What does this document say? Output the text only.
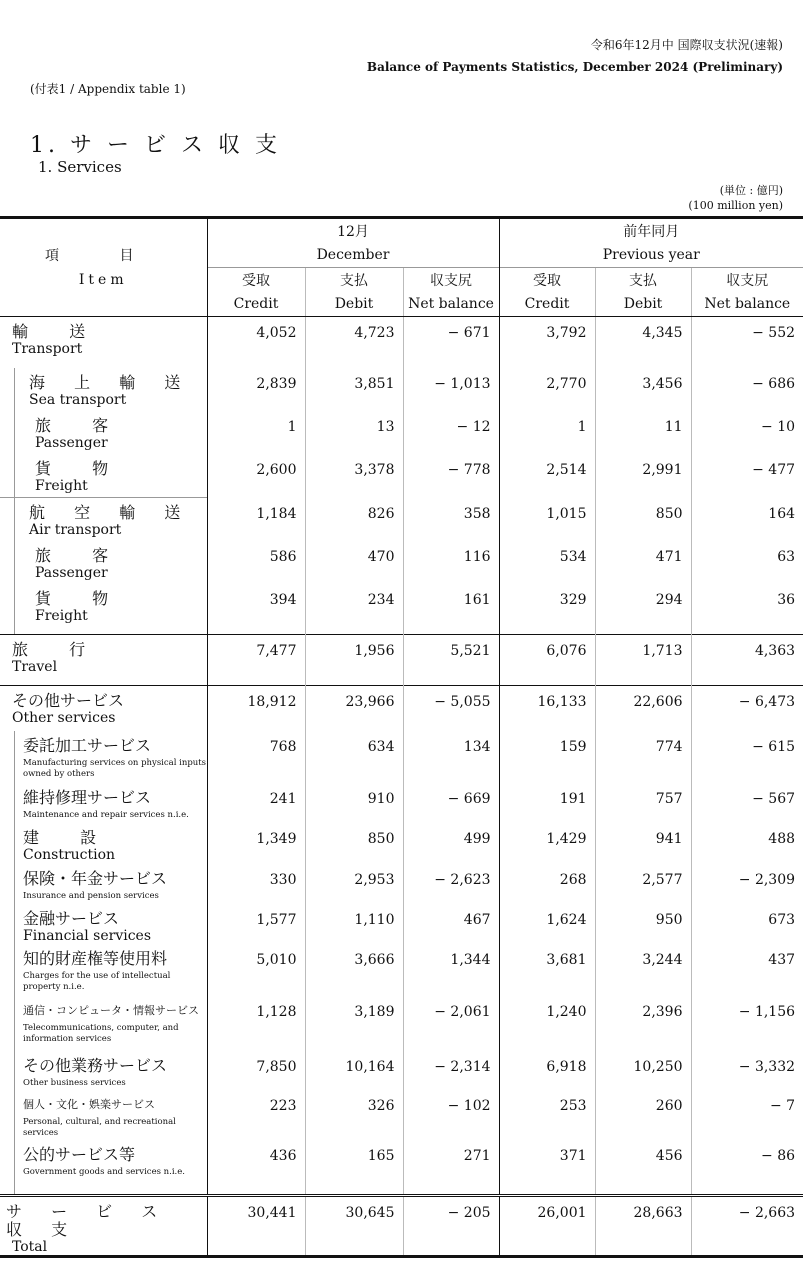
令和6年12月中 国際収支状況(速報)
Balance of Payments Statistics, December 2024 (Preliminary)
(付表1 / Appendix table 1)
1. サ ー ビ ス 収 支
1. Services
(単位 : 億円)
(100 million yen)
項 目
Item	12月			前年同月		
	December			Previous year		
	受取	支払	収支尻	受取	支払	収支尻
	Credit	Debit	Net balance	Credit	Debit	Net balance

輸 送
Transport	4,052	4,723	− 671	3,792	4,345	− 552

海 上 輸 送
Sea transport	2,839	3,851	− 1,013	2,770	3,456	− 686

旅 客
Passenger	1	13	− 12	1	11	− 10

貨 物
Freight	2,600	3,378	− 778	2,514	2,991	− 477

航 空 輸 送
Air transport	1,184	826	358	1,015	850	164

旅 客
Passenger	586	470	116	534	471	63

貨 物
Freight	394	234	161	329	294	36

旅 行
Travel	7,477	1,956	5,521	6,076	1,713	4,363

その他サービス
Other services	18,912	23,966	− 5,055	16,133	22,606	− 6,473

委託加工サービス
Manufacturing services on physical inputs owned by others	768	634	134	159	774	− 615

維持修理サービス
Maintenance and repair services n.i.e.	241	910	− 669	191	757	− 567

建 設
Construction	1,349	850	499	1,429	941	488

保険・年金サービス
Insurance and pension services	330	2,953	− 2,623	268	2,577	− 2,309

金融サービス
Financial services	1,577	1,110	467	1,624	950	673

知的財産権等使用料
Charges for the use of intellectual property n.i.e.	5,010	3,666	1,344	3,681	3,244	437

通信・コンピュータ・情報サービス
Telecommunications, computer, and information services	1,128	3,189	− 2,061	1,240	2,396	− 1,156

その他業務サービス
Other business services	7,850	10,164	− 2,314	6,918	10,250	− 3,332

個人・文化・娯楽サービス
Personal, cultural, and recreational services	223	326	− 102	253	260	− 7

公的サービス等
Government goods and services n.i.e.	436	165	271	371	456	− 86

サ ー ビ ス 収 支
Total	30,441	30,645	− 205	26,001	28,663	− 2,663
